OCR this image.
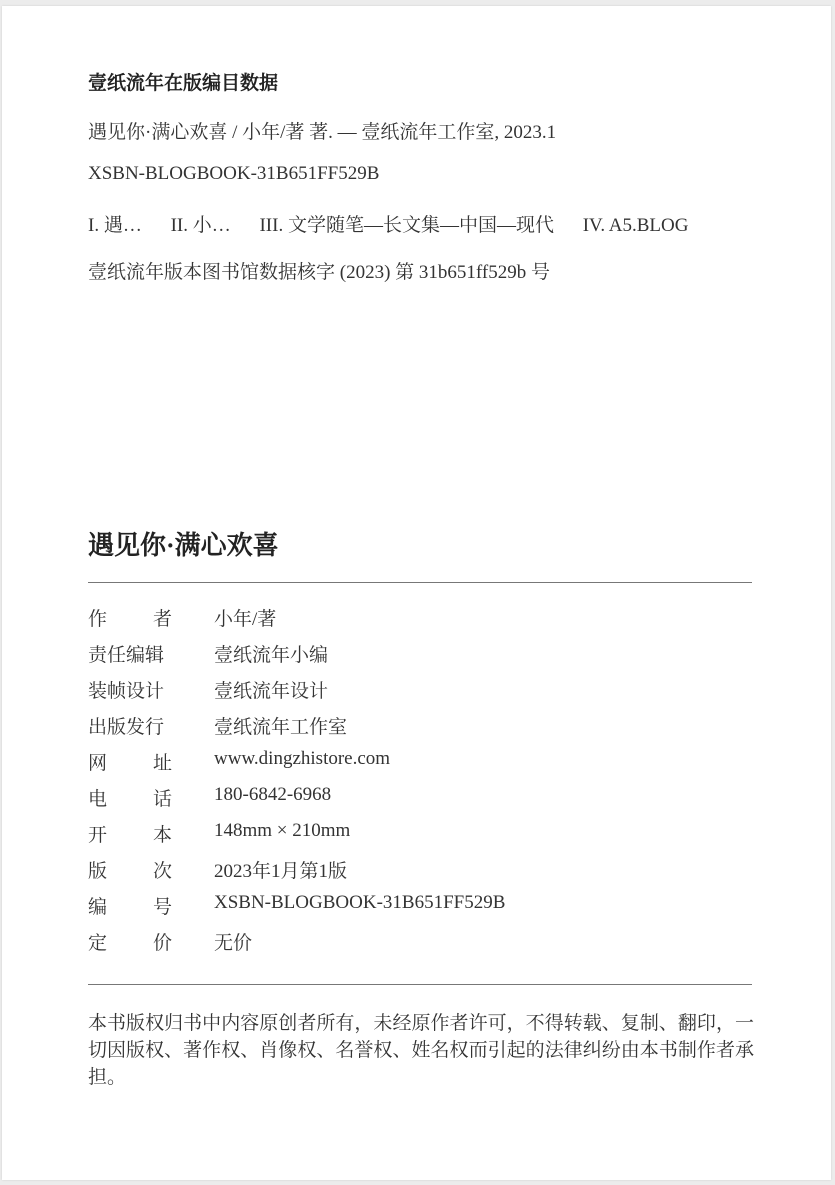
壹纸流年在版编目数据

遇见你·满心欢喜 / 小年/著 著. — 壹纸流年工作室, 2023.1

XSBN-BLOGBOOK-31B651FF529B

I. 遇… II. 小… III. 文学随笔—长文集—中国—现代 IV. A5.BLOG

壹纸流年版本图书馆数据核字 (2023) 第 31b651ff529b 号

遇见你·满心欢喜
作 者 小年/著
责任编辑	壹纸流年小编
装帧设计	壹纸流年设计
出版发行	壹纸流年工作室
网 址 www.dingzhistore.com
电 话 180-6842-6968
开 本 148mm × 210mm
版 次 2023年1月第1版
编 号 XSBN-BLOGBOOK-31B651FF529B
定 价 无价

本书版权归书中内容原创者所有，未经原作者许可，不得转载、复制、翻印，一切因版权、著作权、肖像权、名誉权、姓名权而引起的法律纠纷由本书制作者承担。
